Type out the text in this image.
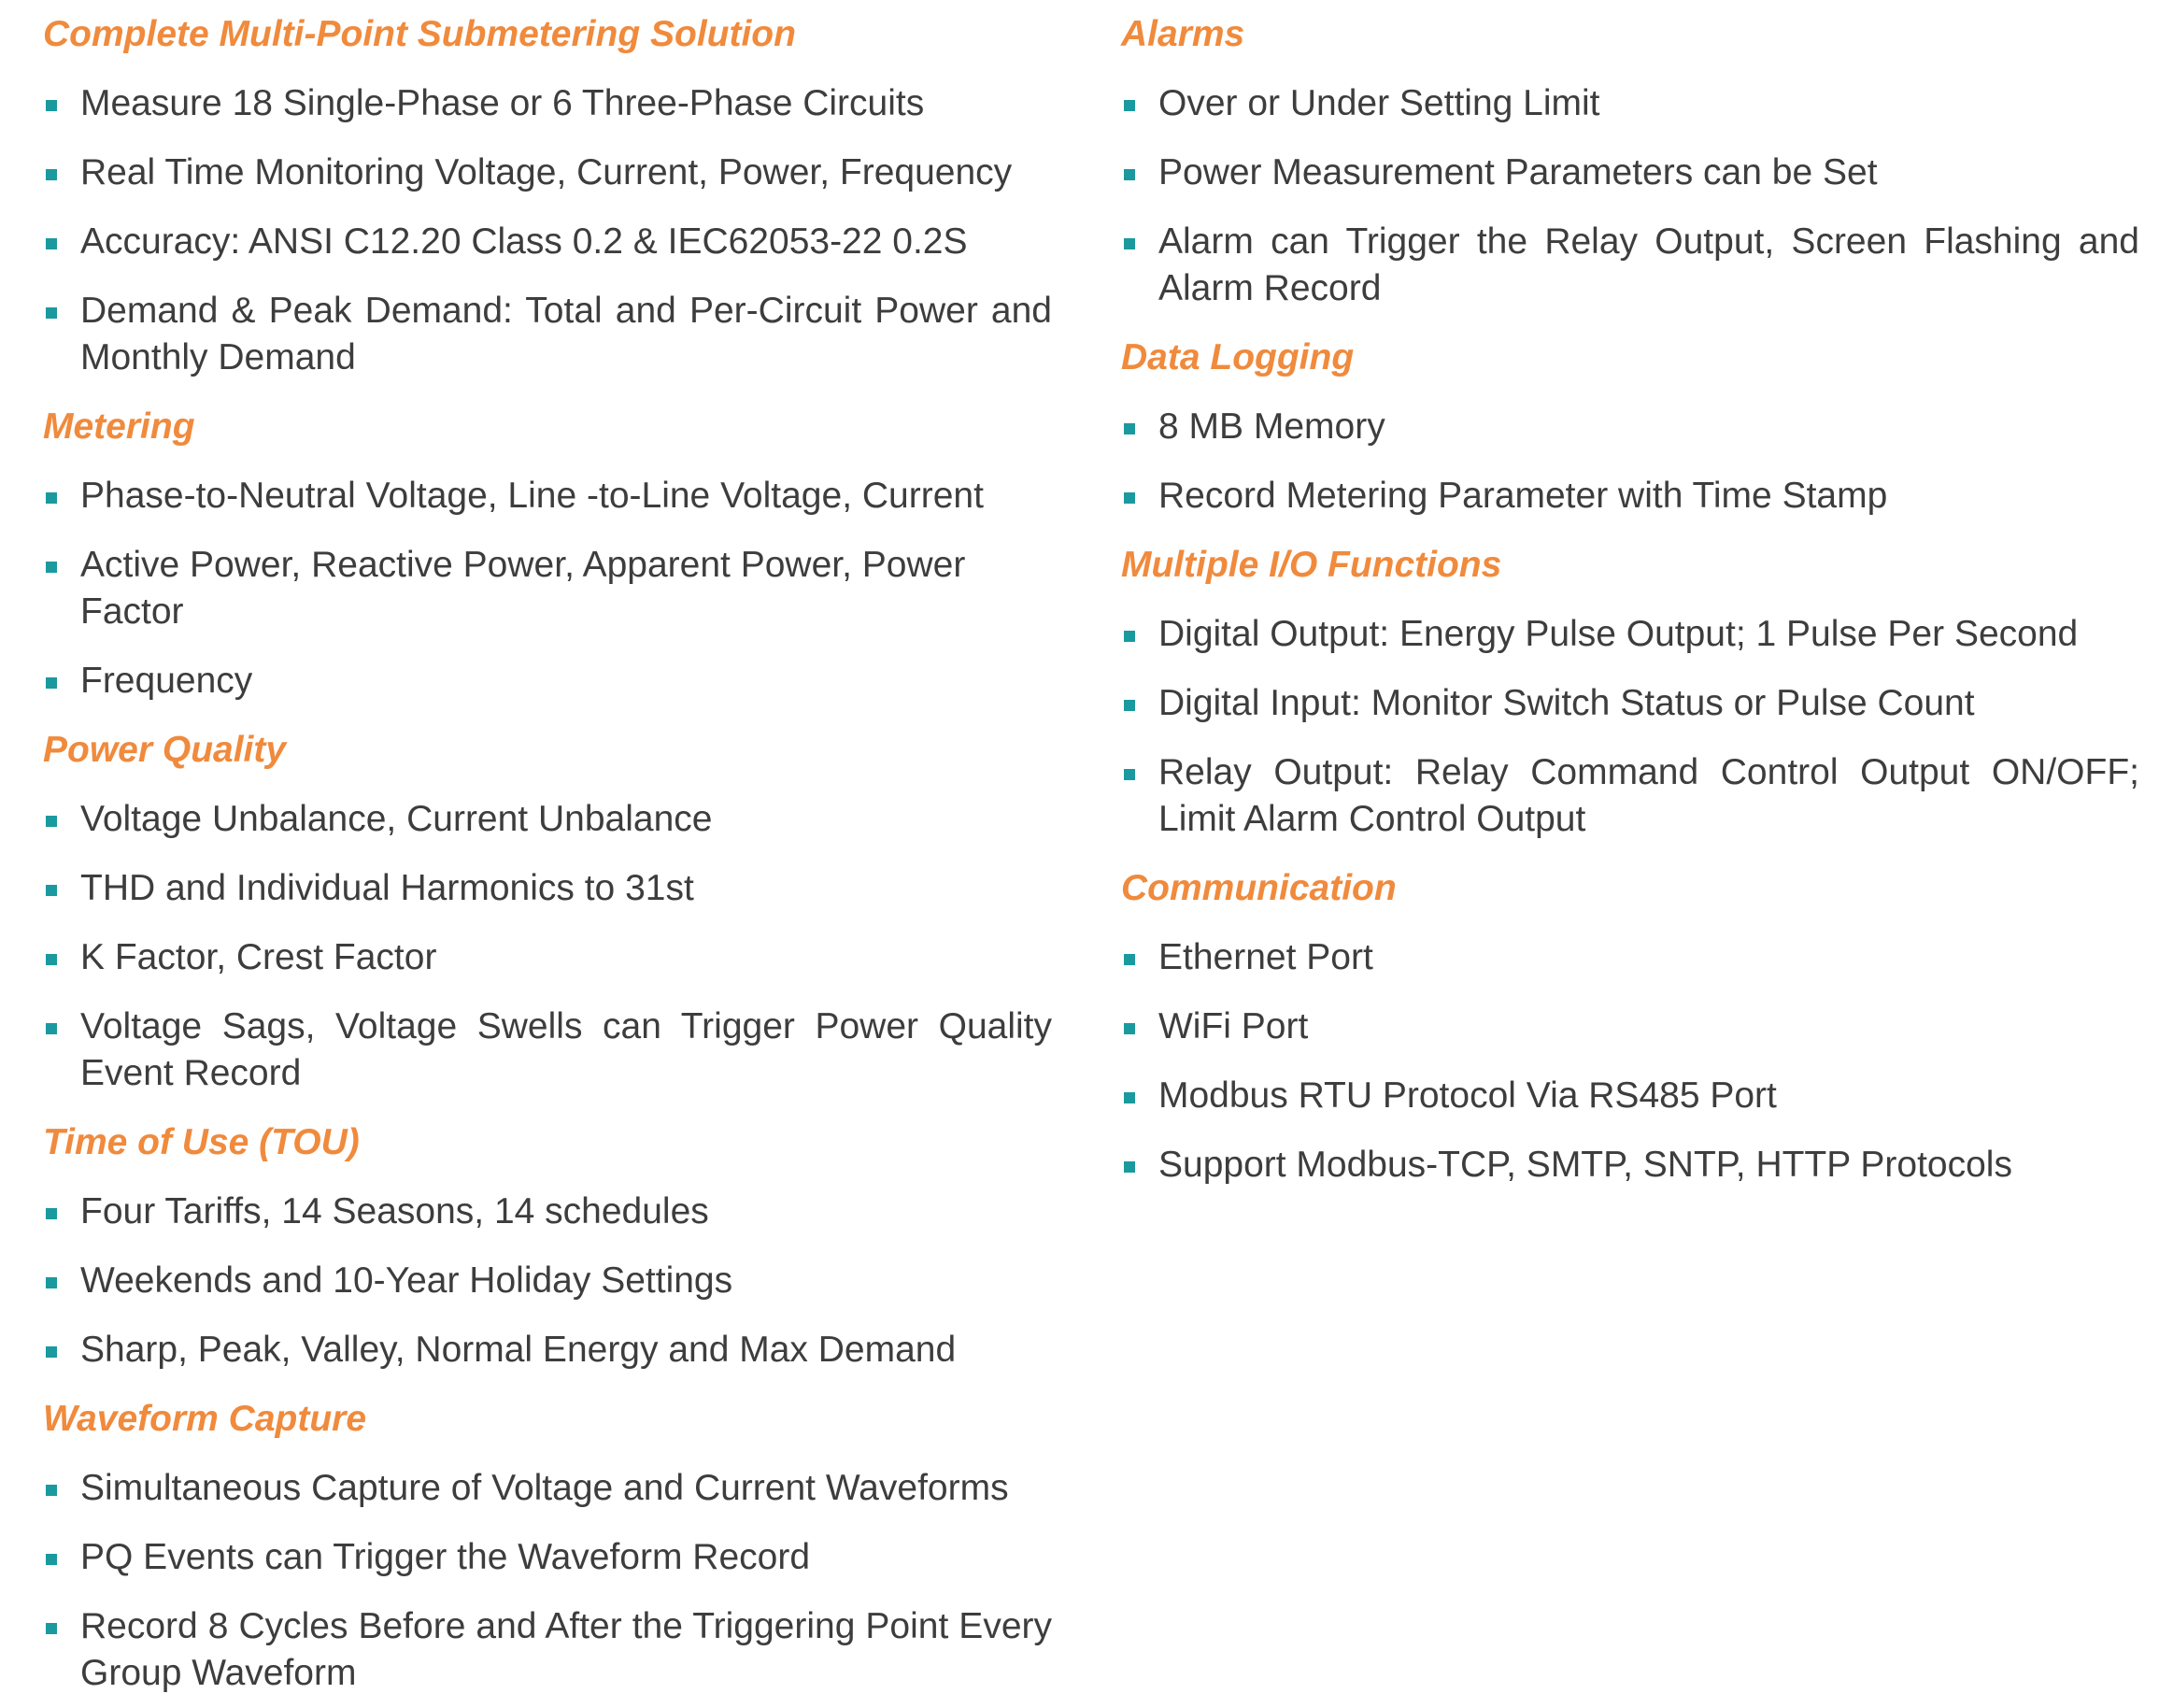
Complete Multi-Point Submetering Solution
Measure 18 Single-Phase or 6 Three-Phase Circuits
Real Time Monitoring Voltage, Current, Power, Frequency
Accuracy: ANSI C12.20 Class 0.2 & IEC62053-22 0.2S
Demand & Peak Demand: Total and Per-Circuit Power and Monthly Demand
Metering
Phase-to-Neutral Voltage, Line -to-Line Voltage, Current
Active Power, Reactive Power, Apparent Power, Power Factor
Frequency
Power Quality
Voltage Unbalance, Current Unbalance
THD and Individual Harmonics to 31st
K Factor, Crest Factor
Voltage Sags, Voltage Swells can Trigger Power Quality Event Record
Time of Use (TOU)
Four Tariffs, 14 Seasons, 14 schedules
Weekends and 10-Year Holiday Settings
Sharp, Peak, Valley, Normal Energy and Max Demand
Waveform Capture
Simultaneous Capture of Voltage and Current Waveforms
PQ Events can Trigger the Waveform Record
Record 8 Cycles Before and After the Triggering Point Every Group Waveform
Alarms
Over or Under Setting Limit
Power Measurement Parameters can be Set
Alarm can Trigger the Relay Output, Screen Flashing and Alarm Record
Data Logging
8 MB Memory
Record Metering Parameter with Time Stamp
Multiple I/O Functions
Digital Output: Energy Pulse Output; 1 Pulse Per Second
Digital Input: Monitor Switch Status or Pulse Count
Relay Output: Relay Command Control Output ON/OFF; Limit Alarm Control Output
Communication
Ethernet Port
WiFi Port
Modbus RTU Protocol Via RS485 Port
Support Modbus-TCP, SMTP, SNTP, HTTP Protocols
